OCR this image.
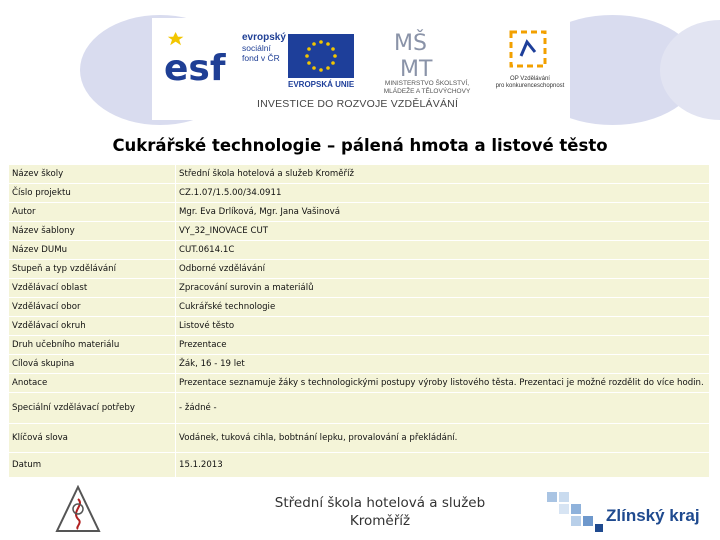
esf
evropský
sociální
fond v ČR
EVROPSKÁ UNIE
MŠ
MT
MINISTERSTVO ŠKOLSTVÍ,
MLÁDEŽE A TĚLOVÝCHOVY
OP Vzdělávání
pro konkurenceschopnost
INVESTICE DO ROZVOJE VZDĚLÁVÁNÍ
Cukrářské technologie – pálená hmota a listové těsto
Název školy	Střední škola hotelová a služeb Kroměříž
Číslo projektu	CZ.1.07/1.5.00/34.0911
Autor	Mgr. Eva Drlíková, Mgr. Jana Vašinová
Název šablony	VY_32_INOVACE CUT
Název DUMu	CUT.0614.1C
Stupeň a typ vzdělávání	Odborné vzdělávání
Vzdělávací oblast	Zpracování surovin a materiálů
Vzdělávací obor	Cukrářské technologie
Vzdělávací okruh	Listové těsto
Druh učebního materiálu	Prezentace
Cílová skupina	Žák, 16 - 19 let
Anotace	Prezentace seznamuje žáky s technologickými postupy výroby listového těsta. Prezentaci je možné rozdělit do více hodin.
Speciální vzdělávací potřeby	- žádné -
Klíčová slova	Vodánek, tuková cihla, bobtnání lepku, provalování a překládání.
Datum	15.1.2013
Střední škola hotelová a služeb
Kroměříž	Zlínský kraj
